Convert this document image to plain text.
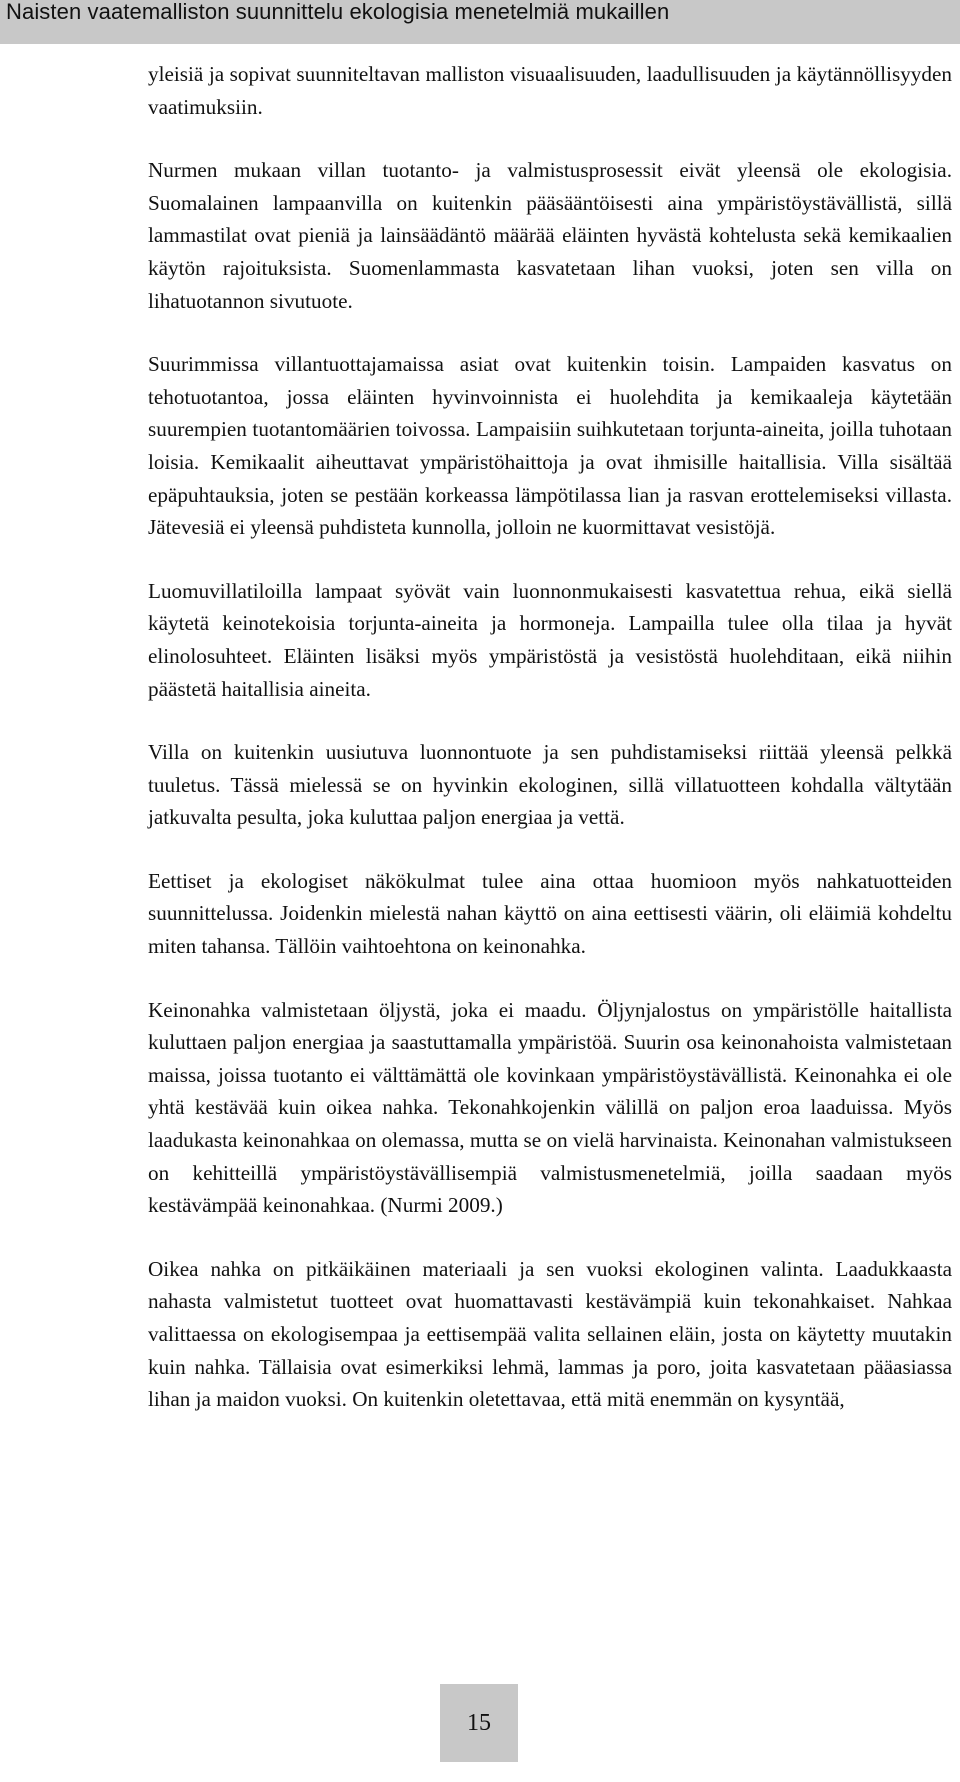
Naisten vaatemalliston suunnittelu ekologisia menetelmiä mukaillen

yleisiä ja sopivat suunniteltavan malliston visuaalisuuden, laadullisuuden ja käytännöllisyyden vaatimuksiin.

Nurmen mukaan villan tuotanto- ja valmistusprosessit eivät yleensä ole ekologisia. Suomalainen lampaanvilla on kuitenkin pääsääntöisesti aina ympäristöystävällistä, sillä lammastilat ovat pieniä ja lainsäädäntö määrää eläinten hyvästä kohtelusta sekä kemikaalien käytön rajoituksista. Suomenlammasta kasvatetaan lihan vuoksi, joten sen villa on lihatuotannon sivutuote.

Suurimmissa villantuottajamaissa asiat ovat kuitenkin toisin. Lampaiden kasvatus on tehotuotantoa, jossa eläinten hyvinvoinnista ei huolehdita ja kemikaaleja käytetään suurempien tuotantomäärien toivossa. Lampaisiin suihkutetaan torjunta-aineita, joilla tuhotaan loisia. Kemikaalit aiheuttavat ympäristöhaittoja ja ovat ihmisille haitallisia. Villa sisältää epäpuhtauksia, joten se pestään korkeassa lämpötilassa lian ja rasvan erottelemiseksi villasta. Jätevesiä ei yleensä puhdisteta kunnolla, jolloin ne kuormittavat vesistöjä.

Luomuvillatiloilla lampaat syövät vain luonnonmukaisesti kasvatettua rehua, eikä siellä käytetä keinotekoisia torjunta-aineita ja hormoneja. Lampailla tulee olla tilaa ja hyvät elinolosuhteet. Eläinten lisäksi myös ympäristöstä ja vesistöstä huolehditaan, eikä niihin päästetä haitallisia aineita.

Villa on kuitenkin uusiutuva luonnontuote ja sen puhdistamiseksi riittää yleensä pelkkä tuuletus. Tässä mielessä se on hyvinkin ekologinen, sillä villatuotteen kohdalla vältytään jatkuvalta pesulta, joka kuluttaa paljon energiaa ja vettä.

Eettiset ja ekologiset näkökulmat tulee aina ottaa huomioon myös nahkatuotteiden suunnittelussa. Joidenkin mielestä nahan käyttö on aina eettisesti väärin, oli eläimiä kohdeltu miten tahansa. Tällöin vaihtoehtona on keinonahka.

Keinonahka valmistetaan öljystä, joka ei maadu. Öljynjalostus on ympäristölle haitallista kuluttaen paljon energiaa ja saastuttamalla ympäristöä. Suurin osa keinonahoista valmistetaan maissa, joissa tuotanto ei välttämättä ole kovinkaan ympäristöystävällistä. Keinonahka ei ole yhtä kestävää kuin oikea nahka. Tekonahkojenkin välillä on paljon eroa laaduissa. Myös laadukasta keinonahkaa on olemassa, mutta se on vielä harvinaista. Keinonahan valmistukseen on kehitteillä ympäristöystävällisempiä valmistusmenetelmiä, joilla saadaan myös kestävämpää keinonahkaa. (Nurmi 2009.)

Oikea nahka on pitkäikäinen materiaali ja sen vuoksi ekologinen valinta. Laadukkaasta nahasta valmistetut tuotteet ovat huomattavasti kestävämpiä kuin tekonahkaiset. Nahkaa valittaessa on ekologisempaa ja eettisempää valita sellainen eläin, josta on käytetty muutakin kuin nahka. Tällaisia ovat esimerkiksi lehmä, lammas ja poro, joita kasvatetaan pääasiassa lihan ja maidon vuoksi. On kuitenkin oletettavaa, että mitä enemmän on kysyntää,

15
